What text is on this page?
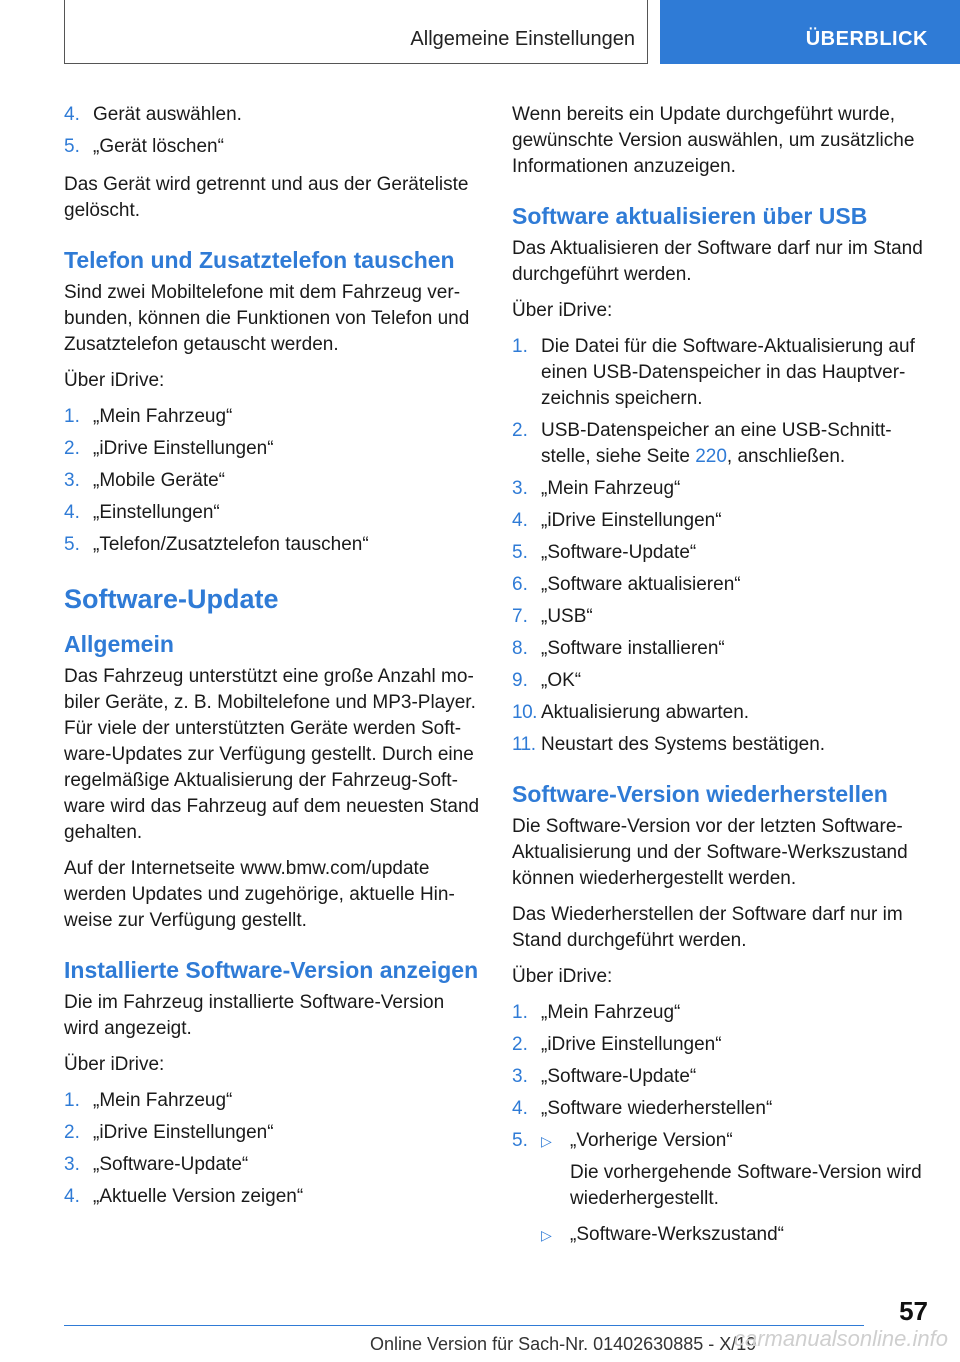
Allgemeine Einstellungen	ÜBERBLICK
4. Gerät auswählen.
5. „Gerät löschen“

Das Gerät wird getrennt und aus der Geräteliste gelöscht.

Telefon und Zusatztelefon tauschen

Sind zwei Mobiltelefone mit dem Fahrzeug verbunden, können die Funktionen von Telefon und Zusatztelefon getauscht werden.

Über iDrive:

1. „Mein Fahrzeug“
2. „iDrive Einstellungen“
3. „Mobile Geräte“
4. „Einstellungen“
5. „Telefon/Zusatztelefon tauschen“
Software-Update
Allgemein

Das Fahrzeug unterstützt eine große Anzahl mobiler Geräte, z. B. Mobiltelefone und MP3-Player. Für viele der unterstützten Geräte werden Software-Updates zur Verfügung gestellt. Durch eine regelmäßige Aktualisierung der Fahrzeug-Software wird das Fahrzeug auf dem neuesten Stand gehalten.

Auf der Internetseite www.bmw.com/update werden Updates und zugehörige, aktuelle Hinweise zur Verfügung gestellt.

Installierte Software-Version anzeigen

Die im Fahrzeug installierte Software-Version wird angezeigt.

Über iDrive:

1. „Mein Fahrzeug“
2. „iDrive Einstellungen“
3. „Software-Update“
4. „Aktuelle Version zeigen“

Wenn bereits ein Update durchgeführt wurde, gewünschte Version auswählen, um zusätzliche Informationen anzuzeigen.

Software aktualisieren über USB

Das Aktualisieren der Software darf nur im Stand durchgeführt werden.

Über iDrive:

1. Die Datei für die Software-Aktualisierung auf einen USB-Datenspeicher in das Hauptverzeichnis speichern.
2. USB-Datenspeicher an eine USB-Schnittstelle, siehe Seite 220, anschließen.
3. „Mein Fahrzeug“
4. „iDrive Einstellungen“
5. „Software-Update“
6. „Software aktualisieren“
7. „USB“
8. „Software installieren“
9. „OK“
10. Aktualisierung abwarten.
11. Neustart des Systems bestätigen.
Software-Version wiederherstellen

Die Software-Version vor der letzten Software-Aktualisierung und der Software-Werkszustand können wiederhergestellt werden.

Das Wiederherstellen der Software darf nur im Stand durchgeführt werden.

Über iDrive:

1. „Mein Fahrzeug“
2. „iDrive Einstellungen“
3. „Software-Update“
4. „Software wiederherstellen“
5. ▷ „Vorherige Version“
Die vorhergehende Software-Version wird wiederhergestellt.
▷ „Software-Werkszustand“
57
Online Version für Sach-Nr. 01402630885 - X/19
carmanualsonline.info
